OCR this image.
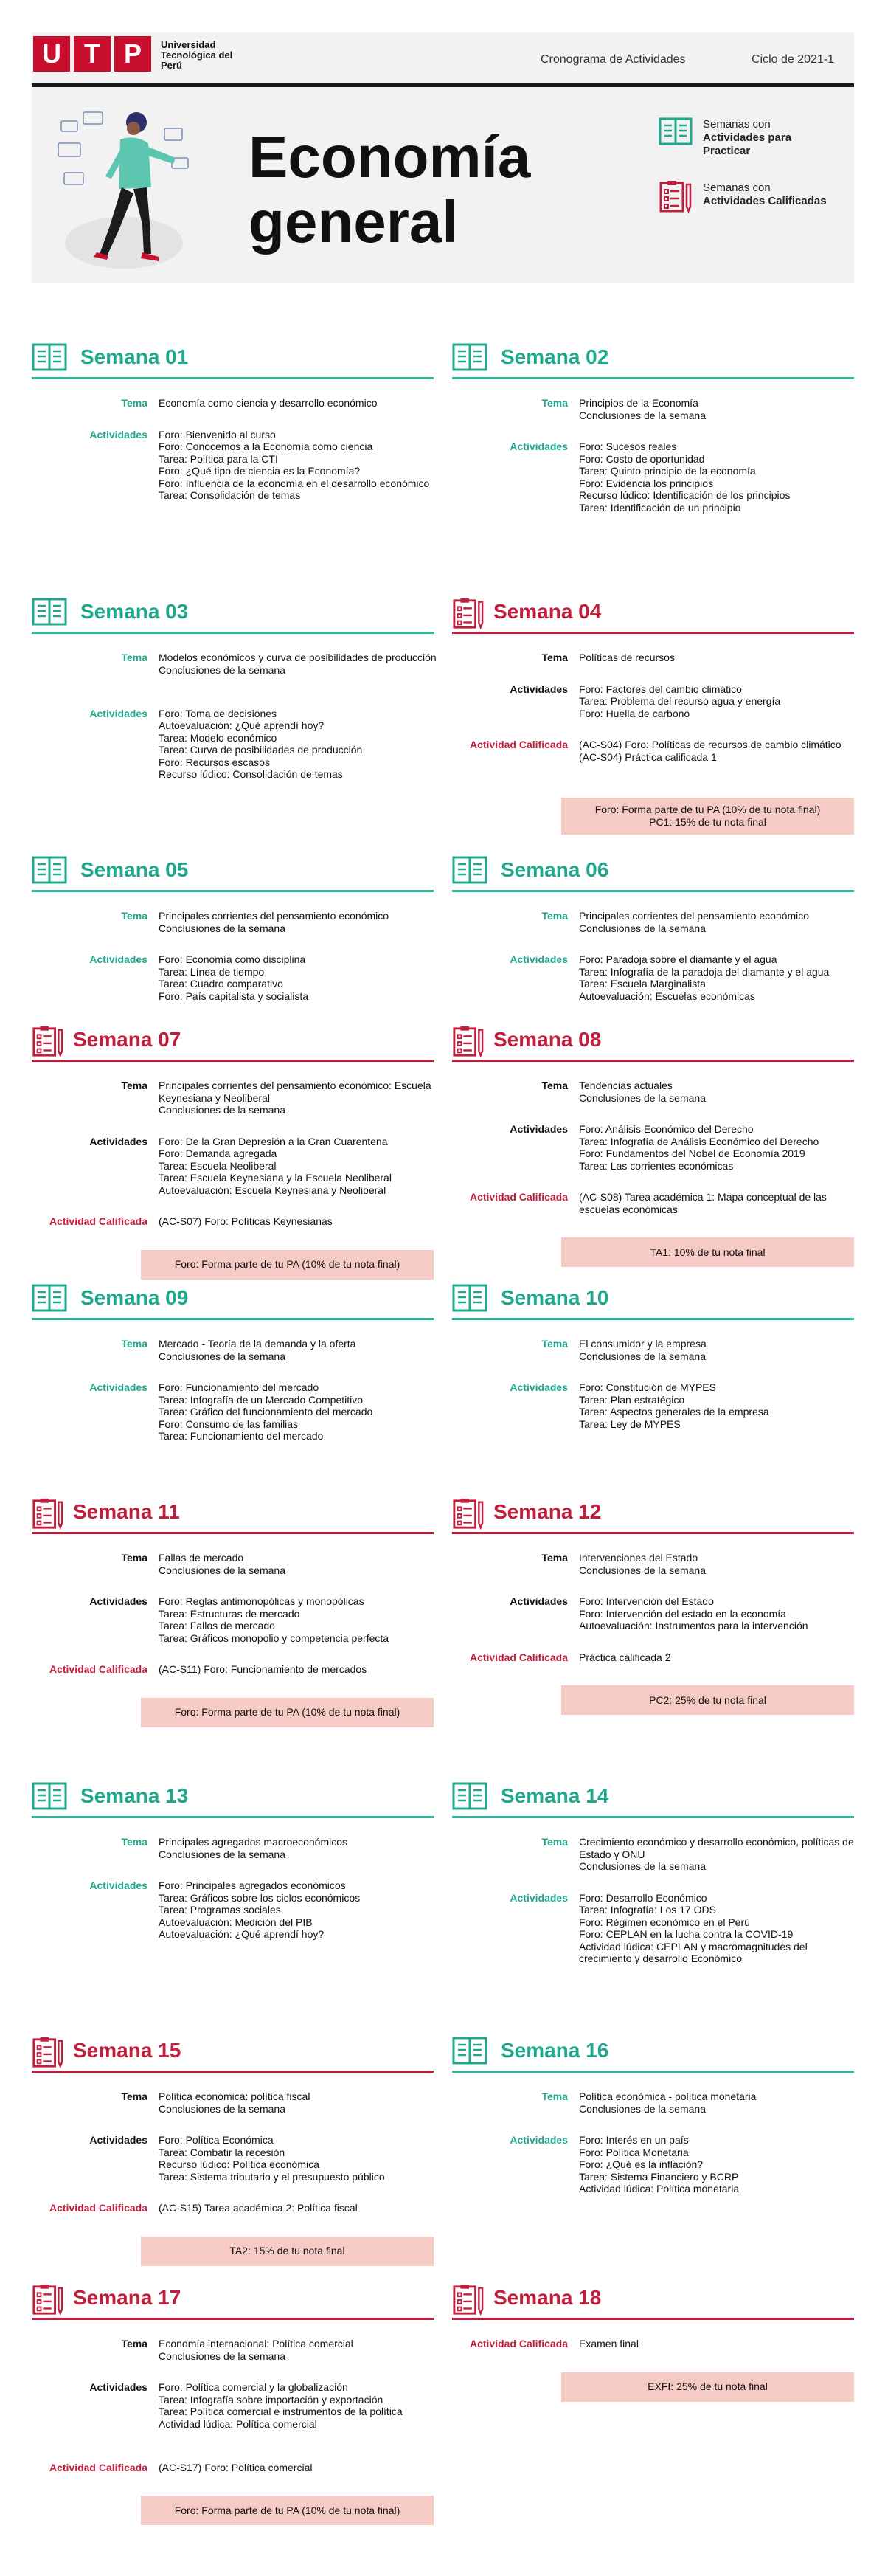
U T P	Universidad Tecnológica del Perú	Cronograma de Actividades	Ciclo de 2021-1
Economía
general
Semanas con
Actividades para Practicar
Semanas con
Actividades Calificadas
Semana 01
Tema Economía como ciencia y desarrollo económico
Actividades Foro: Bienvenido al curso
Foro: Conocemos a la Economía como ciencia
Tarea: Política para la CTI
Foro: ¿Qué tipo de ciencia es la Economía?
Foro: Influencia de la economía en el desarrollo económico
Tarea: Consolidación de temas
Semana 02
Tema Principios de la Economía
Conclusiones de la semana
Actividades Foro: Sucesos reales
Foro: Costo de oportunidad
Tarea: Quinto principio de la economía
Foro: Evidencia los principios
Recurso lúdico: Identificación de los principios
Tarea: Identificación de un principio
Semana 03
Tema Modelos económicos y curva de posibilidades de producción
Conclusiones de la semana
Actividades Foro: Toma de decisiones
Autoevaluación: ¿Qué aprendí hoy?
Tarea: Modelo económico
Tarea: Curva de posibilidades de producción
Foro: Recursos escasos
Recurso lúdico: Consolidación de temas
Semana 04
Tema Políticas de recursos
Actividades Foro: Factores del cambio climático
Tarea: Problema del recurso agua y energía
Foro: Huella de carbono
Actividad Calificada (AC-S04) Foro: Políticas de recursos de cambio climático
(AC-S04) Práctica calificada 1
Foro: Forma parte de tu PA (10% de tu nota final)
PC1: 15% de tu nota final
Semana 05
Tema Principales corrientes del pensamiento económico
Conclusiones de la semana
Actividades Foro: Economía como disciplina
Tarea: Línea de tiempo
Tarea: Cuadro comparativo
Foro: País capitalista y socialista
Semana 06
Tema Principales corrientes del pensamiento económico
Conclusiones de la semana
Actividades Foro: Paradoja sobre el diamante y el agua
Tarea: Infografía de la paradoja del diamante y el agua
Tarea: Escuela Marginalista
Autoevaluación: Escuelas económicas
Semana 07
Tema Principales corrientes del pensamiento económico: Escuela Keynesiana y Neoliberal
Conclusiones de la semana
Actividades Foro: De la Gran Depresión a la Gran Cuarentena
Foro: Demanda agregada
Tarea: Escuela Neoliberal
Tarea: Escuela Keynesiana y la Escuela Neoliberal
Autoevaluación: Escuela Keynesiana y Neoliberal
Actividad Calificada (AC-S07) Foro: Políticas Keynesianas
Foro: Forma parte de tu PA (10% de tu nota final)
Semana 08
Tema Tendencias actuales
Conclusiones de la semana
Actividades Foro: Análisis Económico del Derecho
Tarea: Infografía de Análisis Económico del Derecho
Foro: Fundamentos del Nobel de Economía 2019
Tarea: Las corrientes económicas
Actividad Calificada (AC-S08) Tarea académica 1: Mapa conceptual de las escuelas económicas
TA1: 10% de tu nota final
Semana 09
Tema Mercado - Teoría de la demanda y la oferta
Conclusiones de la semana
Actividades Foro: Funcionamiento del mercado
Tarea: Infografía de un Mercado Competitivo
Tarea: Gráfico del funcionamiento del mercado
Foro: Consumo de las familias
Tarea: Funcionamiento del mercado
Semana 10
Tema El consumidor y la empresa
Conclusiones de la semana
Actividades Foro: Constitución de MYPES
Tarea: Plan estratégico
Tarea: Aspectos generales de la empresa
Tarea: Ley de MYPES
Semana 11
Tema Fallas de mercado
Conclusiones de la semana
Actividades Foro: Reglas antimonopólicas y monopólicas
Tarea: Estructuras de mercado
Tarea: Fallos de mercado
Tarea: Gráficos monopolio y competencia perfecta
Actividad Calificada (AC-S11) Foro: Funcionamiento de mercados
Foro: Forma parte de tu PA (10% de tu nota final)
Semana 12
Tema Intervenciones del Estado
Conclusiones de la semana
Actividades Foro: Intervención del Estado
Foro: Intervención del estado en la economía
Autoevaluación: Instrumentos para la intervención
Actividad Calificada Práctica calificada 2
PC2: 25% de tu nota final
Semana 13
Tema Principales agregados macroeconómicos
Conclusiones de la semana
Actividades Foro: Principales agregados económicos
Tarea: Gráficos sobre los ciclos económicos
Tarea: Programas sociales
Autoevaluación: Medición del PIB
Autoevaluación: ¿Qué aprendí hoy?
Semana 14
Tema Crecimiento económico y desarrollo económico, políticas de Estado y ONU
Conclusiones de la semana
Actividades Foro: Desarrollo Económico
Tarea: Infografía: Los 17 ODS
Foro: Régimen económico en el Perú
Foro: CEPLAN en la lucha contra la COVID-19
Actividad lúdica: CEPLAN y macromagnitudes del crecimiento y desarrollo Económico
Semana 15
Tema Política económica: política fiscal
Conclusiones de la semana
Actividades Foro: Política Económica
Tarea: Combatir la recesión
Recurso lúdico: Política económica
Tarea: Sistema tributario y el presupuesto público
Actividad Calificada (AC-S15) Tarea académica 2: Política fiscal
TA2: 15% de tu nota final
Semana 16
Tema Política económica - política monetaria
Conclusiones de la semana
Actividades Foro: Interés en un país
Foro: Política Monetaria
Foro: ¿Qué es la inflación?
Tarea: Sistema Financiero y BCRP
Actividad lúdica: Política monetaria
Semana 17
Tema Economía internacional: Política comercial
Conclusiones de la semana
Actividades Foro: Política comercial y la globalización
Tarea: Infografía sobre importación y exportación
Tarea: Política comercial e instrumentos de la política
Actividad lúdica: Política comercial
Actividad Calificada (AC-S17) Foro: Política comercial
Foro: Forma parte de tu PA (10% de tu nota final)
Semana 18
Actividad Calificada Examen final
EXFI: 25% de tu nota final
